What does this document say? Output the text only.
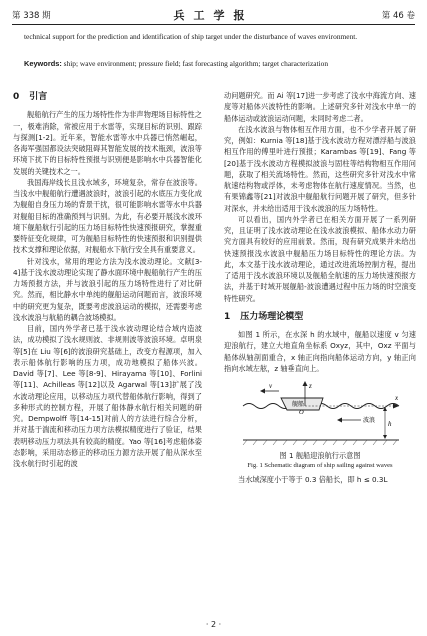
第 338 期	兵工学报	第 46 卷
technical support for the prediction and identification of ship target under the disturbance of waves environment.
Keywords: ship; wave environment; pressure field; fast forecasting algorithm; target characterization
0 引言

舰船航行产生的压力场特性作为非声物理场目标特性之一，极难消除，常被应用于水雷等，实现目标的识别、跟踪与探测[1-2]。近年来，智能水雷等水中兵器已悄然崛起，各海军强国都设法突破阻碍其智能发展的技术瓶颈，波浪等环境下扰下的目标特性预报与识别便是影响水中兵器智能化发展的关键技术之一。

我国海岸线长且浅水域多，环境复杂，常存在波浪等。当浅水中舰船航行遭遇波浪时，波浪引起的水底压力变化成为舰船自身压力场的背景干扰，很可能影响水雷等水中兵器对舰船目标的准确预判与识别。为此，有必要开展浅水波环境下舰船航行引起的压力场目标特性快速预报研究，掌握重要特征变化规律，可为舰船目标特性的快速预报和识别提供技术支撑和理论依据，对舰船水下航行安全具有重要意义。

针对浅水，常用的理论方法为浅水波动理论。文献[3-4]基于浅水波动理论实现了静水面环境中舰船航行产生的压力场预报方法，并与波浪引起的压力场特性进行了对比研究。然而，相比静水中单纯的舰船运动问题而言，波浪环境中的研究更为复杂，既要考虑波浪运动的模拟，还需要考虑浅水波浪与航船的耦合波场模拟。

目前，国内外学者已基于浅水波动理论结合域内造波法，成功模拟了浅水规则波、非规则波等波浪环境。卓明泉等[5]在 Liu 等[6]的波浪研究基础上，改变方程源项，加入表示船体航行影响的压力项，成功地模拟了船体兴波。David 等[7]、Lee 等[8-9]、Hirayama 等[10]、Forlini 等[11]、Achilleas 等[12]以及 Agarwal 等[13]扩展了浅水波动理论应用，以移动压力项代替船体航行影响，得到了多种形式的控制方程，开展了船体静水航行相关问题的研究。Dempwolff 等[14-15]对前人的方法进行综合分析，并对基于湍流和移动压力项方法模拟精度进行了验证，结果表明移动压力项法具有较高的精度。Yao 等[16]考虑船体姿态影响，采用动态修正的移动压力源方法开展了船从深水至浅水航行时引起的波

动问题研究。而 Ai 等[17]进一步考虑了浅水中海流方向、速度等对船体兴波特性的影响。上述研究多针对浅水中单一的船体运动或波浪运动问题，未同时考虑二者。

在浅水波浪与物体相互作用方面，也不少学者开展了研究，例如：Kurnia 等[18]基于浅水波动方程对漂浮船与波浪相互作用的傅里叶进行预报；Karambas 等[19]、Fang 等[20]基于浅水波动方程模拟波浪与固柱等结构物相互作用问题，获取了相关流场特性。然而，这些研究多针对浅水中常航速结构物或浮体，未考虑物体在航行速度情况。当然，也有果锦鑫等[21]对波浪中舰船航行问题开展了研究，但多针对深水，并未给出适用于浅水波浪的压力场特性。

可以看出，国内外学者已在相关方面开展了一系列研究，且证明了浅水波动理论在浅水波浪模拟、船体水动力研究方面具有较好的应用前景。然而，现有研究成果并未给出快速预报浅水波浪中舰船压力场目标特性的理论方法。为此，本文基于浅水波动理论，通过改进流场控制方程，提出了适用于浅水波浪环境以及舰船全航速的压力场快速预报方法，并基于时域开展舰船-波浪遭遇过程中压力场的时空演变特性研究。

1 压力场理论模型

如图 1 所示，在水深 h 的水域中，舰船以速度 v 匀速迎浪航行，建立大地直角坐标系 Oxyz，其中，Oxz 平面与船体纵轴剖面重合，x 轴正向指向船体运动方向，y 轴正向指向水域左舷，z 轴垂直向上。

v
舰船
波浪
z
x
O
h
图 1 舰船迎浪航行示意图
Fig. 1 Schematic diagram of ship sailing against waves

当水域深度小于等于 0.3 倍船长，即 h ≤ 0.3L

· 2 ·
